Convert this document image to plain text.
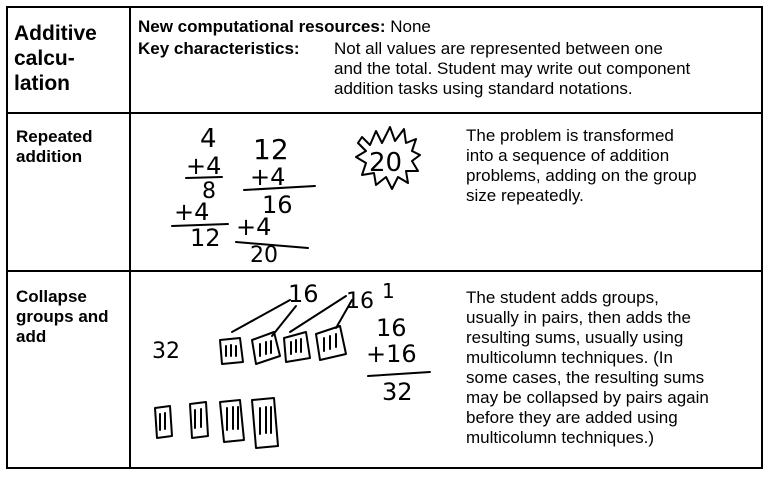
Additive
calcu-
lation
New computational resources: None
Key characteristics: Not all values are represented between one
and the total. Student may write out component
addition tasks using standard notations.
Repeated
addition
The problem is transformed
into a sequence of addition
problems, adding on the group
size repeatedly.
4
+4
8
+4
12
12
+4
16
+4
20
20
Collapse
groups and
add
The student adds groups,
usually in pairs, then adds the
resulting sums, usually using
multicolumn techniques. (In
some cases, the resulting sums
may be collapsed by pairs again
before they are added using
multicolumn techniques.)
32
16 16 1
16
+16
32
